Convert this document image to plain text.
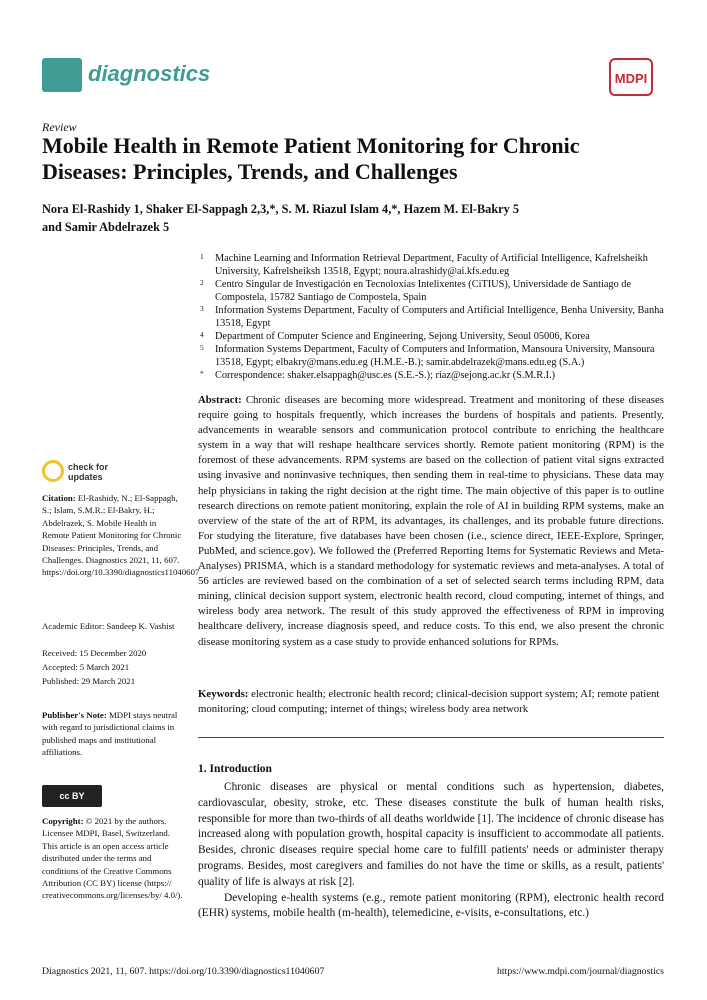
diagnostics	MDPI
Review
Mobile Health in Remote Patient Monitoring for Chronic Diseases: Principles, Trends, and Challenges
Nora El-Rashidy 1, Shaker El-Sappagh 2,3,*, S. M. Riazul Islam 4,*, Hazem M. El-Bakry 5
and Samir Abdelrazek 5
1 Machine Learning and Information Retrieval Department, Faculty of Artificial Intelligence, Kafrelsheikh University, Kafrelsheiksh 13518, Egypt; noura.alrashidy@ai.kfs.edu.eg
2 Centro Singular de Investigación en Tecnoloxías Intelixentes (CiTIUS), Universidade de Santiago de Compostela, 15782 Santiago de Compostela, Spain
3 Information Systems Department, Faculty of Computers and Artificial Intelligence, Benha University, Banha 13518, Egypt
4 Department of Computer Science and Engineering, Sejong University, Seoul 05006, Korea
5 Information Systems Department, Faculty of Computers and Information, Mansoura University, Mansoura 13518, Egypt; elbakry@mans.edu.eg (H.M.E.-B.); samir.abdelrazek@mans.edu.eg (S.A.)
* Correspondence: shaker.elsappagh@usc.es (S.E.-S.); riaz@sejong.ac.kr (S.M.R.I.)
check for updates
Citation: El-Rashidy, N.; El-Sappagh, S.; Islam, S.M.R.; El-Bakry, H.; Abdelrazek, S. Mobile Health in Remote Patient Monitoring for Chronic Diseases: Principles, Trends, and Challenges. Diagnostics 2021, 11, 607. https://doi.org/10.3390/diagnostics11040607
Academic Editor: Sandeep K. Vashist
Received: 15 December 2020
Accepted: 5 March 2021
Published: 29 March 2021
Publisher's Note: MDPI stays neutral with regard to jurisdictional claims in published maps and institutional affiliations.
cc BY
Copyright: © 2021 by the authors. Licensee MDPI, Basel, Switzerland. This article is an open access article distributed under the terms and conditions of the Creative Commons Attribution (CC BY) license (https:// creativecommons.org/licenses/by/ 4.0/).
Abstract: Chronic diseases are becoming more widespread. Treatment and monitoring of these diseases require going to hospitals frequently, which increases the burdens of hospitals and patients. Presently, advancements in wearable sensors and communication protocol contribute to enriching the healthcare system in a way that will reshape healthcare services shortly. Remote patient monitoring (RPM) is the foremost of these advancements. RPM systems are based on the collection of patient vital signs extracted using invasive and noninvasive techniques, then sending them in real-time to physicians. These data may help physicians in taking the right decision at the right time. The main objective of this paper is to outline research directions on remote patient monitoring, explain the role of AI in building RPM systems, make an overview of the state of the art of RPM, its advantages, its challenges, and its probable future directions. For studying the literature, five databases have been chosen (i.e., science direct, IEEE-Explore, Springer, PubMed, and science.gov). We followed the (Preferred Reporting Items for Systematic Reviews and Meta-Analyses) PRISMA, which is a standard methodology for systematic reviews and meta-analyses. A total of 56 articles are reviewed based on the combination of a set of selected search terms including RPM, data mining, clinical decision support system, electronic health record, cloud computing, internet of things, and wireless body area network. The result of this study approved the effectiveness of RPM in improving healthcare delivery, increase diagnosis speed, and reduce costs. To this end, we also present the chronic disease monitoring system as a case study to provide enhanced solutions for RPMs.
Keywords: electronic health; electronic health record; clinical-decision support system; AI; remote patient monitoring; cloud computing; internet of things; wireless body area network
1. Introduction

Chronic diseases are physical or mental conditions such as hypertension, diabetes, cardiovascular, obesity, stroke, etc. These diseases constitute the bulk of human health risks, responsible for more than two-thirds of all deaths worldwide [1]. The incidence of chronic disease has increased along with population growth, hospital capacity is insufficient to accommodate all patients. Besides, chronic diseases require special home care to fulfill patients' needs or administer therapy programs. Besides, most caregivers and families do not have the time or skills, as a result, patients' quality of life is always at risk [2].

Developing e-health systems (e.g., remote patient monitoring (RPM), electronic health record (EHR) systems, mobile health (m-health), telemedicine, e-visits, e-consultations, etc.)

Diagnostics 2021, 11, 607. https://doi.org/10.3390/diagnostics11040607	https://www.mdpi.com/journal/diagnostics
